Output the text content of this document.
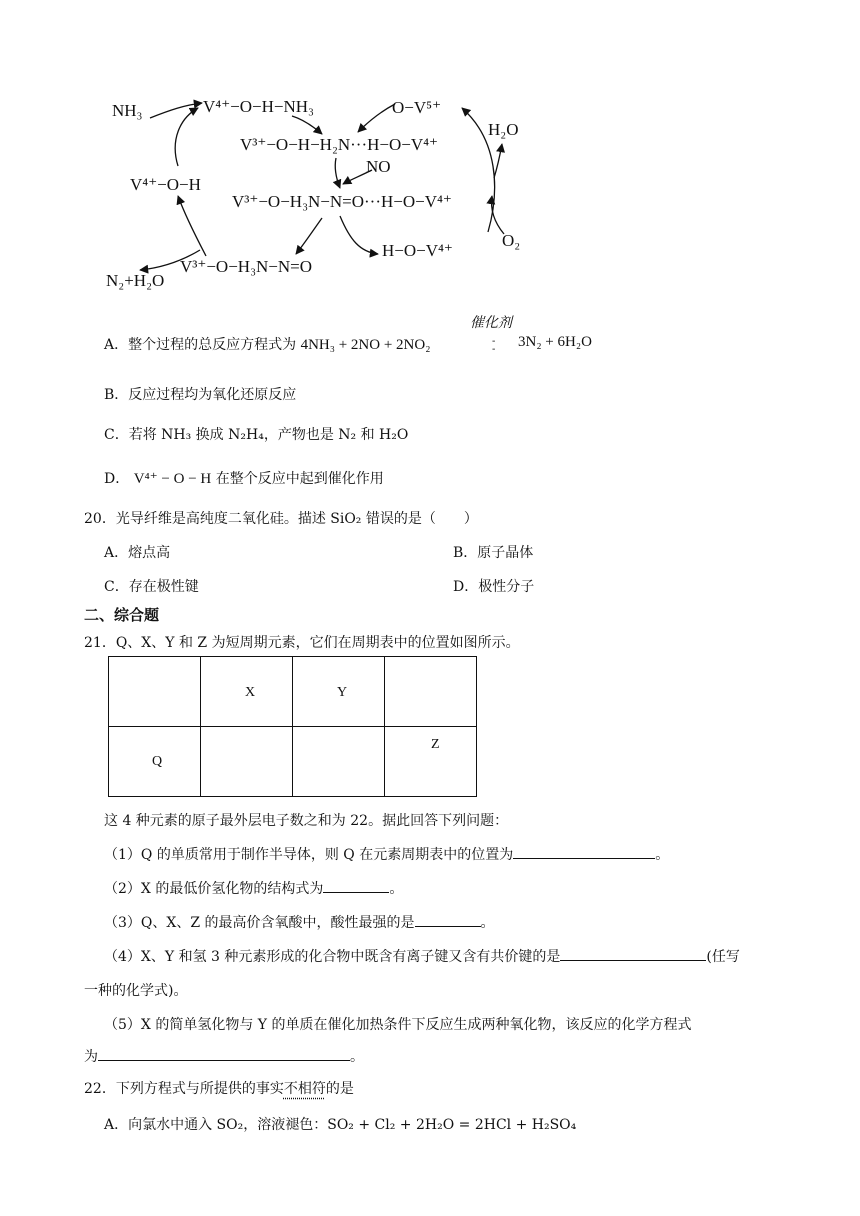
NH₃	V⁴⁺−O−H−NH₃	O−V⁵⁺
H₂O
V³⁺−O−H−H₂N···H−O−V⁴⁺
NO
V⁴⁺−O−H
V³⁺−O−H₃N−N=O···H−O−V⁴⁺
O₂
H−O−V⁴⁺
V³⁺−O−H₃N−N=O
N₂+H₂O
催化剂
A．整个过程的总反应方程式为 4NH₃ + 2NO + 2NO₂	-
- 3N₂ + 6H₂O
B．反应过程均为氧化还原反应
C．若将 NH₃ 换成 N₂H₄，产物也是 N₂ 和 H₂O
D． V⁴⁺ − O − H 在整个反应中起到催化作用
20．光导纤维是高纯度二氧化硅。描述 SiO₂ 错误的是（　　）
A．熔点高	B．原子晶体
C．存在极性键	D．极性分子
二、综合题
21．Q、X、Y 和 Z 为短周期元素，它们在周期表中的位置如图所示。

	X	Y	

Q			Z
这 4 种元素的原子最外层电子数之和为 22。据此回答下列问题：
（1）Q 的单质常用于制作半导体，则 Q 在元素周期表中的位置为	。
（2）X 的最低价氢化物的结构式为	。
（3）Q、X、Z 的最高价含氧酸中，酸性最强的是	。
（4）X、Y 和氢 3 种元素形成的化合物中既含有离子键又含有共价键的是	(任写
一种的化学式)。
（5）X 的简单氢化物与 Y 的单质在催化加热条件下反应生成两种氧化物，该反应的化学方程式
为	。
22．下列方程式与所提供的事实不相符的是
A．向氯水中通入 SO₂，溶液褪色：SO₂ + Cl₂ + 2H₂O = 2HCl + H₂SO₄
